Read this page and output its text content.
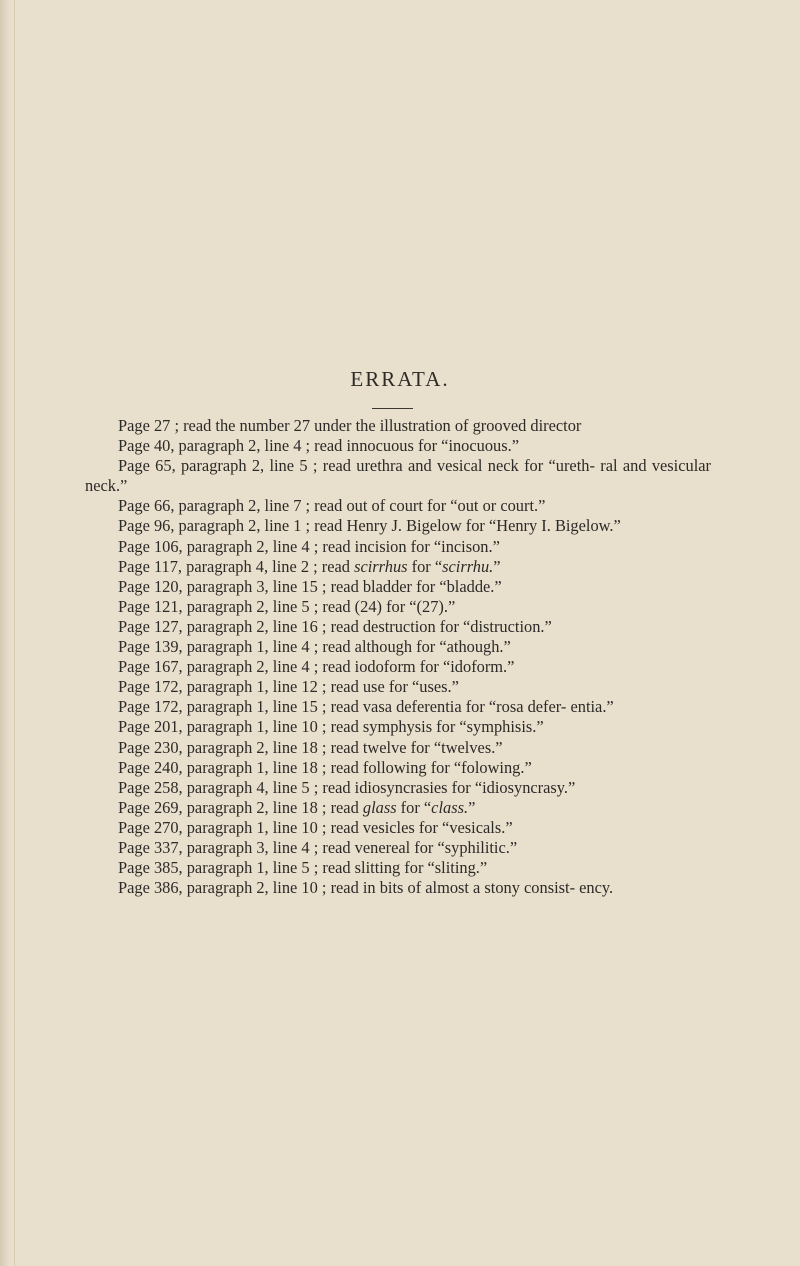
ERRATA.

Page 27 ; read the number 27 under the illustration of grooved director

Page 40, paragraph 2, line 4 ; read innocuous for “inocuous.”

Page 65, paragraph 2, line 5 ; read urethra and vesical neck for “ureth- ral and vesicular neck.”

Page 66, paragraph 2, line 7 ; read out of court for “out or court.”

Page 96, paragraph 2, line 1 ; read Henry J. Bigelow for “Henry I. Bigelow.”

Page 106, paragraph 2, line 4 ; read incision for “incison.”

Page 117, paragraph 4, line 2 ; read scirrhus for “scirrhu.”

Page 120, paragraph 3, line 15 ; read bladder for “bladde.”

Page 121, paragraph 2, line 5 ; read (24) for “(27).”

Page 127, paragraph 2, line 16 ; read destruction for “distruction.”

Page 139, paragraph 1, line 4 ; read although for “athough.”

Page 167, paragraph 2, line 4 ; read iodoform for “idoform.”

Page 172, paragraph 1, line 12 ; read use for “uses.”

Page 172, paragraph 1, line 15 ; read vasa deferentia for “rosa defer- entia.”

Page 201, paragraph 1, line 10 ; read symphysis for “symphisis.”

Page 230, paragraph 2, line 18 ; read twelve for “twelves.”

Page 240, paragraph 1, line 18 ; read following for “folowing.”

Page 258, paragraph 4, line 5 ; read idiosyncrasies for “idiosyncrasy.”

Page 269, paragraph 2, line 18 ; read glass for “class.”

Page 270, paragraph 1, line 10 ; read vesicles for “vesicals.”

Page 337, paragraph 3, line 4 ; read venereal for “syphilitic.”

Page 385, paragraph 1, line 5 ; read slitting for “sliting.”

Page 386, paragraph 2, line 10 ; read in bits of almost a stony consist- ency.
